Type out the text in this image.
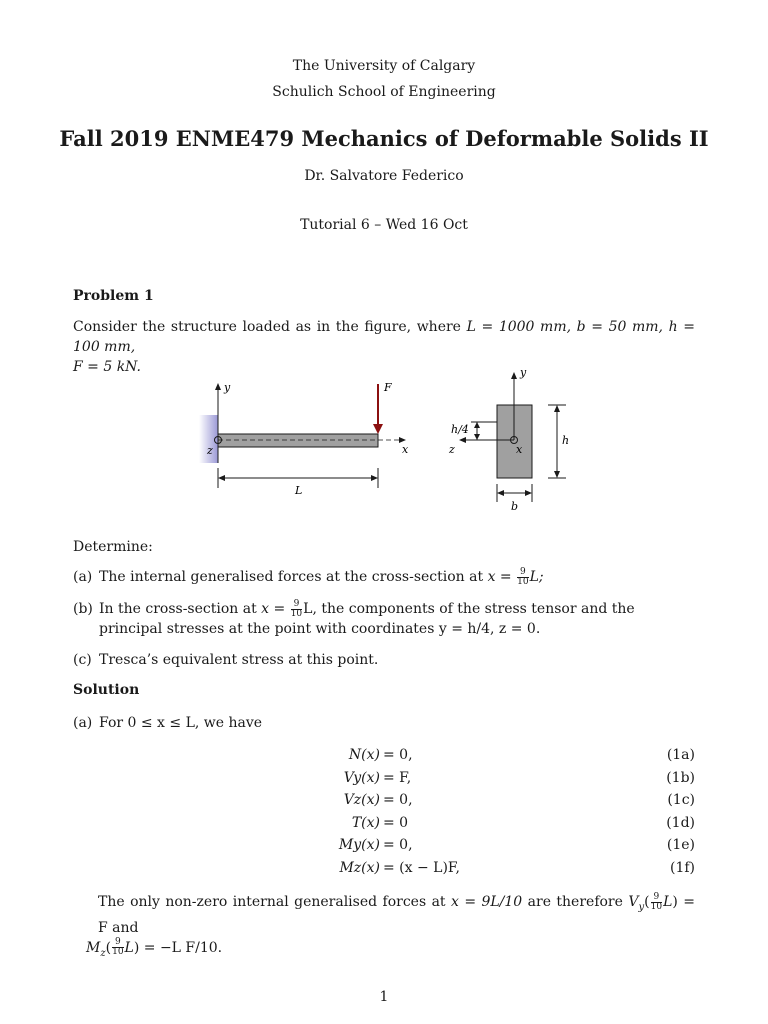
The University of Calgary
Schulich School of Engineering
Fall 2019 ENME479 Mechanics of Deformable Solids II
Dr. Salvatore Federico
Tutorial 6 – Wed 16 Oct
Problem 1
Consider the structure loaded as in the figure, where L = 1000 mm, b = 50 mm, h = 100 mm,
F = 5 kN.
y	F
z	x
L
y
h/4
z	x
h
b
Determine:
(a) The internal generalised forces at the cross-section at $x = \frac{9}{10} L$;
(b) In the cross-section at $x = \frac{9}{10} L$, the components of the stress tensor and the principal stresses at the point with coordinates y = h/4, z = 0.
(c) Tresca’s equivalent stress at this point.
Solution
(a) For 0 ≤ x ≤ L, we have
N(x) = 0,	(1a)
Vy(x) = F,	(1b)
Vz(x) = 0,	(1c)
T(x) = 0	(1d)
My(x) = 0,	(1e)
Mz(x) = (x − L)F,	(1f)
The only non-zero internal generalised forces at x = 9L/10 are therefore $V_y( \frac{9}{10} L) = F$ and
$M_z( \frac{9}{10} L) = -L$ F/10.
1
